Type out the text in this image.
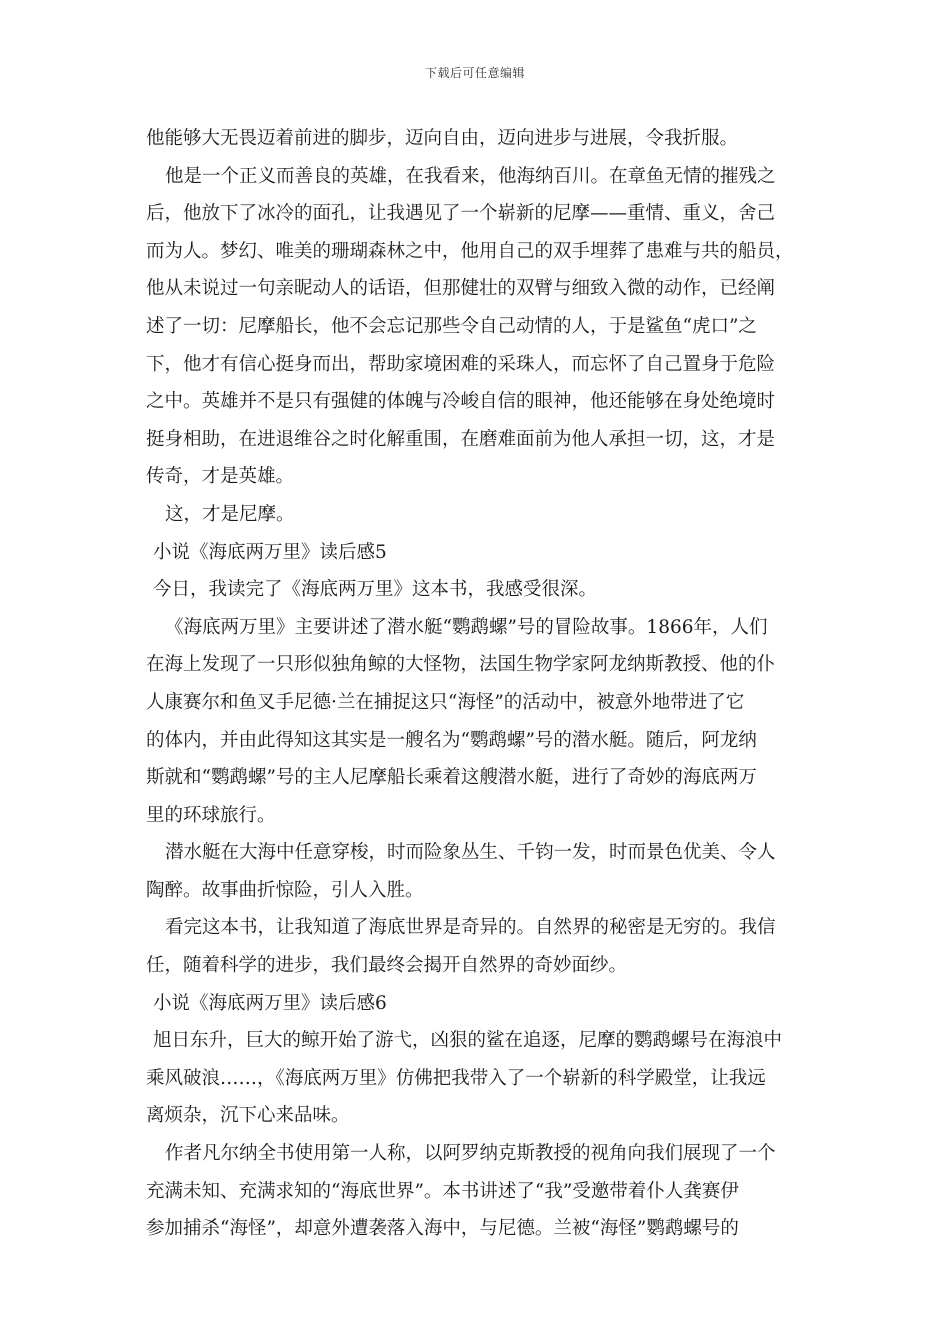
下载后可任意编辑
他能够大无畏迈着前进的脚步，迈向自由，迈向进步与进展，令我折服。
他是一个正义而善良的英雄，在我看来，他海纳百川。在章鱼无情的摧残之
后，他放下了冰冷的面孔，让我遇见了一个崭新的尼摩——重情、重义，舍己
而为人。梦幻、唯美的珊瑚森林之中，他用自己的双手埋葬了患难与共的船员，
他从未说过一句亲昵动人的话语，但那健壮的双臂与细致入微的动作，已经阐
述了一切：尼摩船长，他不会忘记那些令自己动情的人，于是鲨鱼“虎口”之
下，他才有信心挺身而出，帮助家境困难的采珠人，而忘怀了自己置身于危险
之中。英雄并不是只有强健的体魄与冷峻自信的眼神，他还能够在身处绝境时
挺身相助，在进退维谷之时化解重围，在磨难面前为他人承担一切，这，才是
传奇，才是英雄。
这，才是尼摩。
小说《海底两万里》读后感5
今日，我读完了《海底两万里》这本书，我感受很深。
《海底两万里》主要讲述了潜水艇“鹦鹉螺”号的冒险故事。1866年，人们
在海上发现了一只形似独角鲸的大怪物，法国生物学家阿龙纳斯教授、他的仆
人康赛尔和鱼叉手尼德·兰在捕捉这只“海怪”的活动中，被意外地带进了它
的体内，并由此得知这其实是一艘名为“鹦鹉螺”号的潜水艇。随后，阿龙纳
斯就和“鹦鹉螺”号的主人尼摩船长乘着这艘潜水艇，进行了奇妙的海底两万
里的环球旅行。
潜水艇在大海中任意穿梭，时而险象丛生、千钧一发，时而景色优美、令人
陶醉。故事曲折惊险，引人入胜。
看完这本书，让我知道了海底世界是奇异的。自然界的秘密是无穷的。我信
任，随着科学的进步，我们最终会揭开自然界的奇妙面纱。
小说《海底两万里》读后感6
旭日东升，巨大的鲸开始了游弋，凶狠的鲨在追逐，尼摩的鹦鹉螺号在海浪中
乘风破浪……，《海底两万里》仿佛把我带入了一个崭新的科学殿堂，让我远
离烦杂，沉下心来品味。
作者凡尔纳全书使用第一人称，以阿罗纳克斯教授的视角向我们展现了一个
充满未知、充满求知的“海底世界”。本书讲述了“我”受邀带着仆人龚赛伊
参加捕杀“海怪”，却意外遭袭落入海中，与尼德。兰被“海怪”鹦鹉螺号的
